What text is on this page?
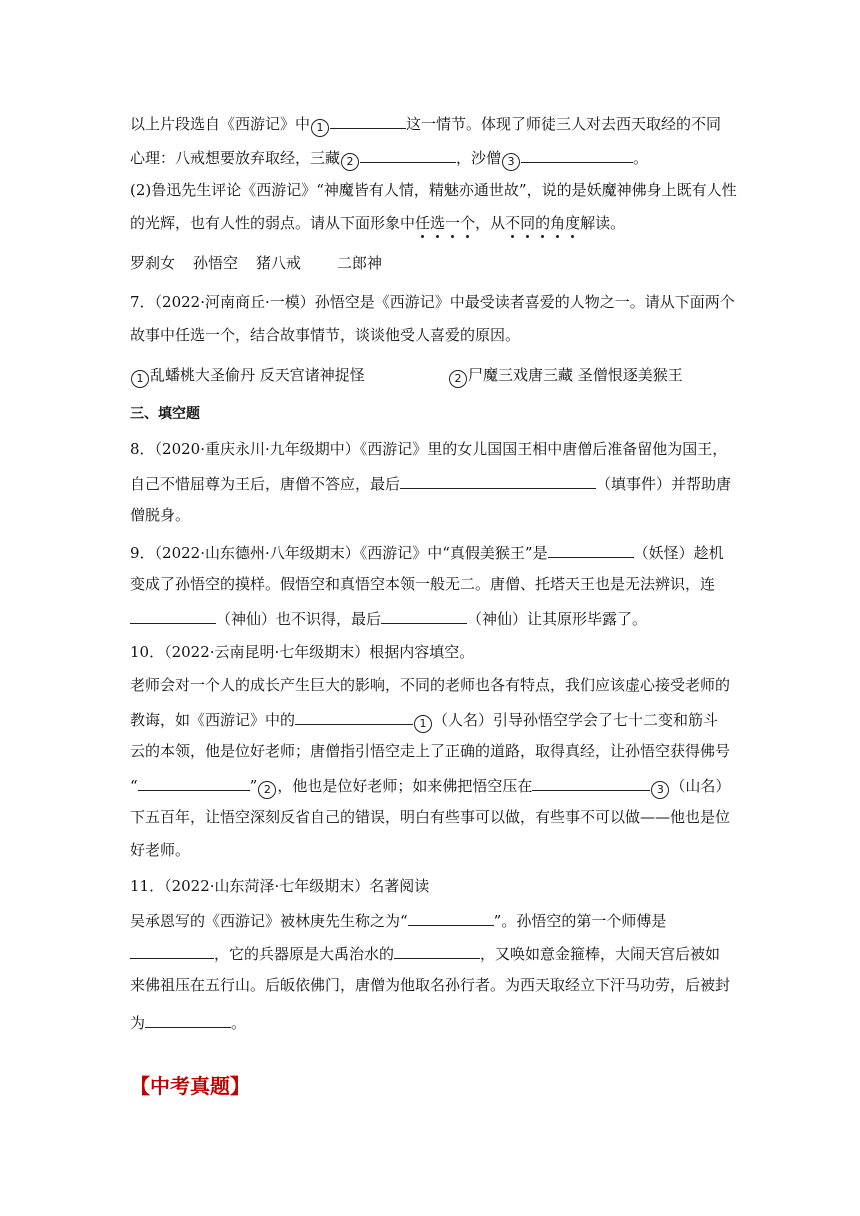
以上片段选自《西游记》中 1	这一情节。体现了师徒三人对去西天取经的不同
心理：八戒想要放弃取经，三藏 2	，沙僧 3	。
(2)鲁迅先生评论《西游记》“神魔皆有人情，精魅亦通世故”，说的是妖魔神佛身上既有人性
的光辉，也有人性的弱点。请从下面形象中任选一个，从不同的角度解读。
罗刹女 孙悟空 猪八戒 二郎神
7．（2022·河南商丘·一模）孙悟空是《西游记》中最受读者喜爱的人物之一。请从下面两个
故事中任选一个，结合故事情节，谈谈他受人喜爱的原因。
1 乱蟠桃大圣偷丹 反天宫诸神捉怪	2 尸魔三戏唐三藏 圣僧恨逐美猴王
三、填空题
8．（2020·重庆永川·九年级期中）《西游记》里的女儿国国王相中唐僧后准备留他为国王，
自己不惜屈尊为王后，唐僧不答应，最后	（填事件）并帮助唐
僧脱身。
9．（2022·山东德州·八年级期末）《西游记》中“真假美猴王”是	（妖怪）趁机
变成了孙悟空的摸样。假悟空和真悟空本领一般无二。唐僧、托塔天王也是无法辨识，连
（神仙）也不识得，最后	（神仙）让其原形毕露了。
10．（2022·云南昆明·七年级期末）根据内容填空。
老师会对一个人的成长产生巨大的影响，不同的老师也各有特点，我们应该虚心接受老师的
教诲，如《西游记》中的	1 （人名）引导孙悟空学会了七十二变和筋斗
云的本领，他是位好老师；唐僧指引悟空走上了正确的道路，取得真经，让孙悟空获得佛号
“	” 2 ，他也是位好老师；如来佛把悟空压在	3 （山名）
下五百年，让悟空深刻反省自己的错误，明白有些事可以做，有些事不可以做——他也是位
好老师。
11．（2022·山东菏泽·七年级期末）名著阅读
吴承恩写的《西游记》被林庚先生称之为“	”。孙悟空的第一个师傅是
，它的兵器原是大禹治水的	，又唤如意金箍棒，大闹天宫后被如
来佛祖压在五行山。后皈依佛门，唐僧为他取名孙行者。为西天取经立下汗马功劳，后被封
为	。
【中考真题】
